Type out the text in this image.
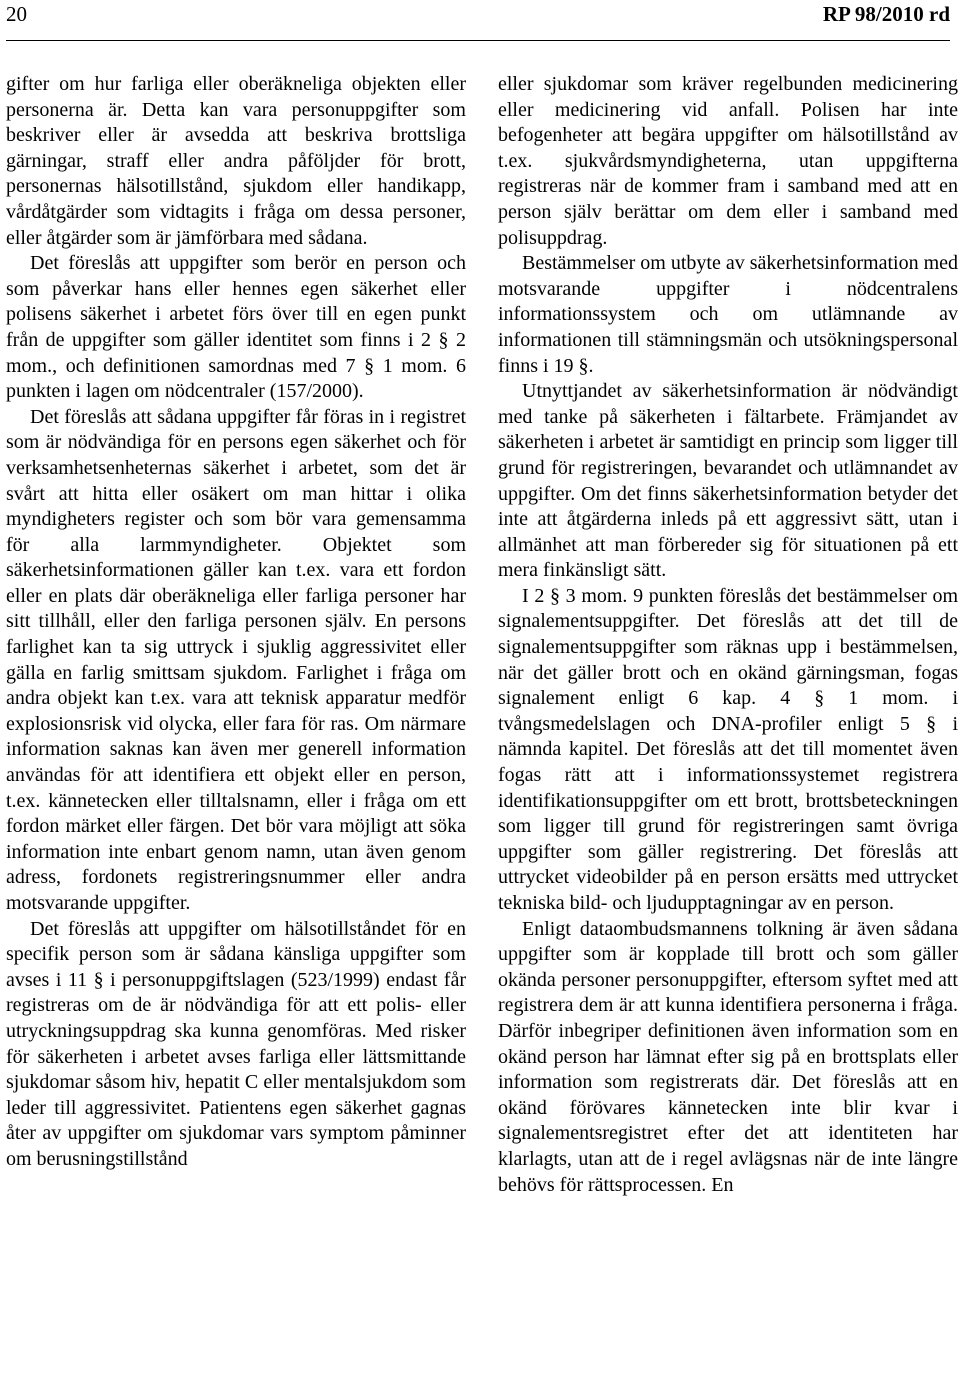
20	RP 98/2010 rd

gifter om hur farliga eller oberäkneliga objekten eller personerna är. Detta kan vara personuppgifter som beskriver eller är avsedda att beskriva brottsliga gärningar, straff eller andra påföljder för brott, personernas hälsotillstånd, sjukdom eller handikapp, vårdåtgärder som vidtagits i fråga om dessa personer, eller åtgärder som är jämförbara med sådana.

Det föreslås att uppgifter som berör en person och som påverkar hans eller hennes egen säkerhet eller polisens säkerhet i arbetet förs över till en egen punkt från de uppgifter som gäller identitet som finns i 2 § 2 mom., och definitionen samordnas med 7 § 1 mom. 6 punkten i lagen om nödcentraler (157/2000).

Det föreslås att sådana uppgifter får föras in i registret som är nödvändiga för en persons egen säkerhet och för verksamhetsenheternas säkerhet i arbetet, som det är svårt att hitta eller osäkert om man hittar i olika myndigheters register och som bör vara gemensamma för alla larmmyndigheter. Objektet som säkerhetsinformationen gäller kan t.ex. vara ett fordon eller en plats där oberäkneliga eller farliga personer har sitt tillhåll, eller den farliga personen själv. En persons farlighet kan ta sig uttryck i sjuklig aggressivitet eller gälla en farlig smittsam sjukdom. Farlighet i fråga om andra objekt kan t.ex. vara att teknisk apparatur medför explosionsrisk vid olycka, eller fara för ras. Om närmare information saknas kan även mer generell information användas för att identifiera ett objekt eller en person, t.ex. kännetecken eller tilltalsnamn, eller i fråga om ett fordon märket eller färgen. Det bör vara möjligt att söka information inte enbart genom namn, utan även genom adress, fordonets registreringsnummer eller andra motsvarande uppgifter.

Det föreslås att uppgifter om hälsotillståndet för en specifik person som är sådana känsliga uppgifter som avses i 11 § i personuppgiftslagen (523/1999) endast får registreras om de är nödvändiga för att ett polis- eller utryckningsuppdrag ska kunna genomföras. Med risker för säkerheten i arbetet avses farliga eller lättsmittande sjukdomar såsom hiv, hepatit C eller mentalsjukdom som leder till aggressivitet. Patientens egen säkerhet gagnas åter av uppgifter om sjukdomar vars symptom påminner om berusningstillstånd

eller sjukdomar som kräver regelbunden medicinering eller medicinering vid anfall. Polisen har inte befogenheter att begära uppgifter om hälsotillstånd av t.ex. sjukvårdsmyndigheterna, utan uppgifterna registreras när de kommer fram i samband med att en person själv berättar om dem eller i samband med polisuppdrag.

Bestämmelser om utbyte av säkerhetsinformation med motsvarande uppgifter i nödcentralens informationssystem och om utlämnande av informationen till stämningsmän och utsökningspersonal finns i 19 §.

Utnyttjandet av säkerhetsinformation är nödvändigt med tanke på säkerheten i fältarbete. Främjandet av säkerheten i arbetet är samtidigt en princip som ligger till grund för registreringen, bevarandet och utlämnandet av uppgifter. Om det finns säkerhetsinformation betyder det inte att åtgärderna inleds på ett aggressivt sätt, utan i allmänhet att man förbereder sig för situationen på ett mera finkänsligt sätt.

I 2 § 3 mom. 9 punkten föreslås det bestämmelser om signalementsuppgifter. Det föreslås att det till de signalementsuppgifter som räknas upp i bestämmelsen, när det gäller brott och en okänd gärningsman, fogas signalement enligt 6 kap. 4 § 1 mom. i tvångsmedelslagen och DNA-profiler enligt 5 § i nämnda kapitel. Det föreslås att det till momentet även fogas rätt att i informationssystemet registrera identifikationsuppgifter om ett brott, brottsbeteckningen som ligger till grund för registreringen samt övriga uppgifter som gäller registrering. Det föreslås att uttrycket videobilder på en person ersätts med uttrycket tekniska bild- och ljudupptagningar av en person.

Enligt dataombudsmannens tolkning är även sådana uppgifter som är kopplade till brott och som gäller okända personer personuppgifter, eftersom syftet med att registrera dem är att kunna identifiera personerna i fråga. Därför inbegriper definitionen även information som en okänd person har lämnat efter sig på en brottsplats eller information som registrerats där. Det föreslås att en okänd förövares kännetecken inte blir kvar i signalementsregistret efter det att identiteten har klarlagts, utan att de i regel avlägsnas när de inte längre behövs för rättsprocessen. En
